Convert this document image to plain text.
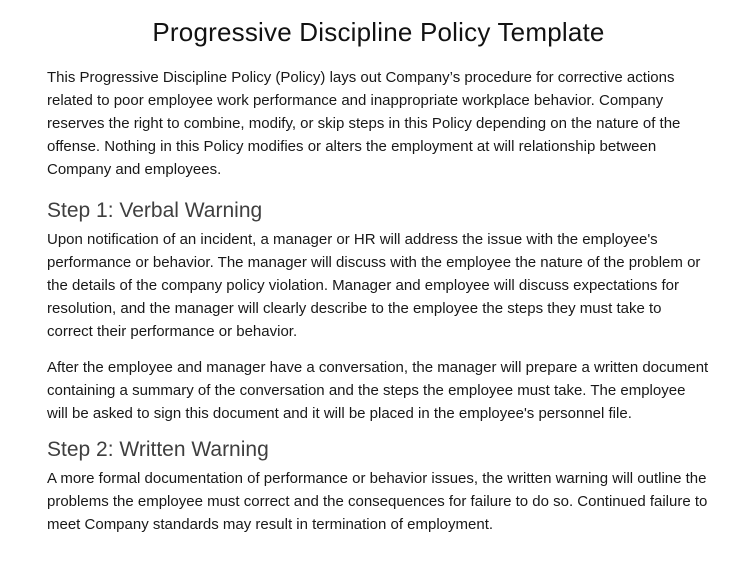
Progressive Discipline Policy Template

This Progressive Discipline Policy (Policy) lays out Company’s procedure for corrective actions related to poor employee work performance and inappropriate workplace behavior. Company reserves the right to combine, modify, or skip steps in this Policy depending on the nature of the offense. Nothing in this Policy modifies or alters the employment at will relationship between Company and employees.

Step 1: Verbal Warning

Upon notification of an incident, a manager or HR will address the issue with the employee's performance or behavior. The manager will discuss with the employee the nature of the problem or the details of the company policy violation. Manager and employee will discuss expectations for resolution, and the manager will clearly describe to the employee the steps they must take to correct their performance or behavior.

After the employee and manager have a conversation, the manager will prepare a written document containing a summary of the conversation and the steps the employee must take. The employee will be asked to sign this document and it will be placed in the employee's personnel file.

Step 2: Written Warning

A more formal documentation of performance or behavior issues, the written warning will outline the problems the employee must correct and the consequences for failure to do so. Continued failure to meet Company standards may result in termination of employment.
